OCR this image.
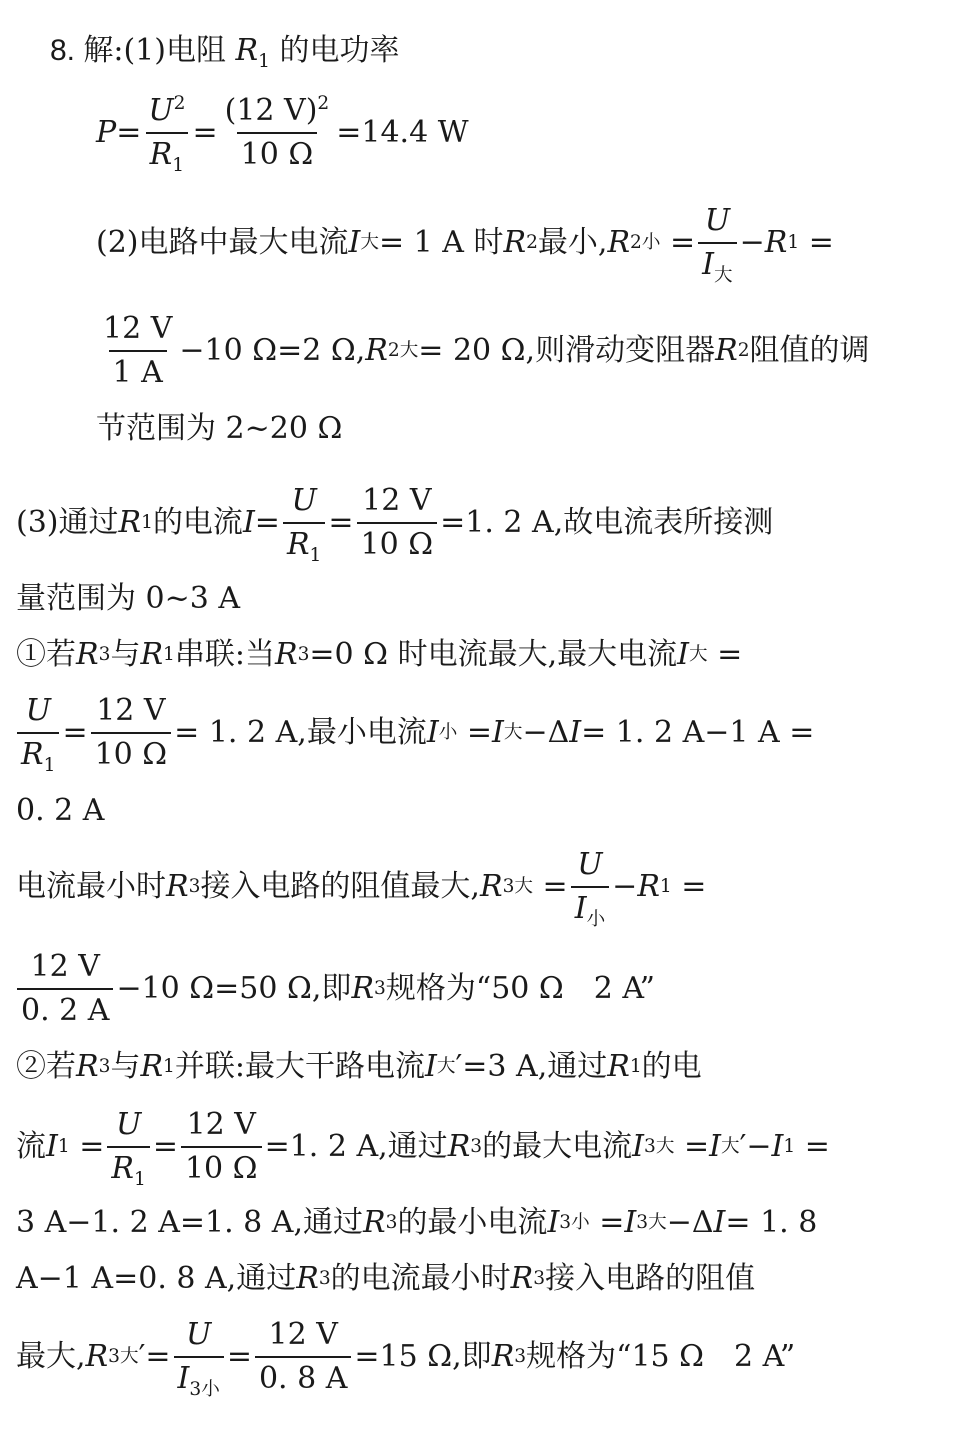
8. 解 :(1)电阻 $R_1$ 的电功率
$P = \frac{U^2}{R_1} = \frac{(12 V)^2}{10 \Omega} =14.4$ W
(2)电路中最大电流 I 大 = 1 A 时 R 2 最小, R 2小 = $\frac{U}{I_大} - R$ 1 =
$\frac{12 V}{1 A} -10$ Ω=2 Ω, R 2大 = 20 Ω,则滑动变阻器 R 2 阻值的调
节范围为 2~20 Ω
(3)通过 R 1 的电流 $I = \frac{U}{R_1} = \frac{12 V}{10 \Omega} =1$. 2 A,故电流表所接测
量范围为 0~3 A
①若 R 3 与 R 1 串联:当 R 3 =0 Ω 时电流最大,最大电流 I 大 =
$\frac{U}{R_1} = \frac{12 V}{10 \Omega} = 1$. 2 A,最小电流 I 小 = I 大 −Δ I = 1. 2 A−1 A =
0. 2 A
电流最小时 R 3 接入电路的阻值最大, R 3大 = $\frac{U}{I_小} - R$ 1 =
$\frac{12 V}{0. 2 A} -10$ Ω=50 Ω,即 R 3 规格为“50 Ω 2 A”
②若 R 3 与 R 1 并联:最大干路电流 I 大 ′=3 A,通过 R 1 的电
流 I $1 = \frac{U}{R_1} = \frac{12 V}{10 \Omega} =1$. 2 A,通过 R 3 的最大电流 I 3大 = I 大 ′− I 1 =
3 A−1. 2 A=1. 8 A,通过 R 3 的最小电流 I 3小 = I 3大 −Δ I = 1. 8
A−1 A=0. 8 A,通过 R 3 的电流最小时 R 3 接入电路的阻值
最大, R 3大 ′= $\frac{U}{I_{3小}} = \frac{12 V}{0. 8 A} =15$ Ω,即 R 3 规格为“15 Ω 2 A”
